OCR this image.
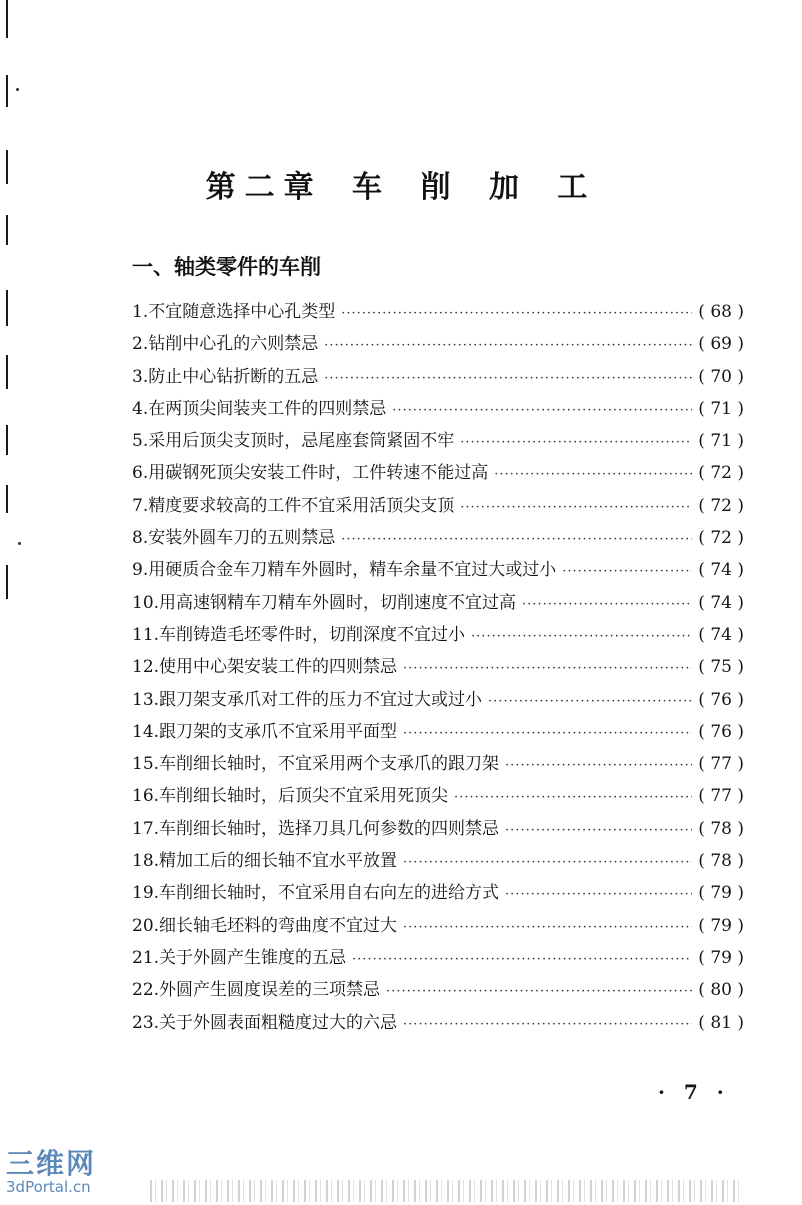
第二章 车 削 加 工
一、轴类零件的车削
1. 不宜随意选择中心孔类型 ·····	( 68 )
2. 钻削中心孔的六则禁忌 ·····	( 69 )
3. 防止中心钻折断的五忌 ·····	( 70 )
4. 在两顶尖间装夹工件的四则禁忌 ·····	( 71 )
5. 采用后顶尖支顶时，忌尾座套筒紧固不牢 ·····	( 71 )
6. 用碳钢死顶尖安装工件时，工件转速不能过高 ·····	( 72 )
7. 精度要求较高的工件不宜采用活顶尖支顶 ·····	( 72 )
8. 安装外圆车刀的五则禁忌 ·····	( 72 )
9. 用硬质合金车刀精车外圆时，精车余量不宜过大或过小 ·····	( 74 )
10. 用高速钢精车刀精车外圆时，切削速度不宜过高 ·····	( 74 )
11. 车削铸造毛坯零件时，切削深度不宜过小 ·····	( 74 )
12. 使用中心架安装工件的四则禁忌 ·····	( 75 )
13. 跟刀架支承爪对工件的压力不宜过大或过小 ·····	( 76 )
14. 跟刀架的支承爪不宜采用平面型 ·····	( 76 )
15. 车削细长轴时，不宜采用两个支承爪的跟刀架 ·····	( 77 )
16. 车削细长轴时，后顶尖不宜采用死顶尖 ·····	( 77 )
17. 车削细长轴时，选择刀具几何参数的四则禁忌 ·····	( 78 )
18. 精加工后的细长轴不宜水平放置 ·····	( 78 )
19. 车削细长轴时，不宜采用自右向左的进给方式 ·····	( 79 )
20. 细长轴毛坯料的弯曲度不宜过大 ·····	( 79 )
21. 关于外圆产生锥度的五忌 ·····	( 79 )
22. 外圆产生圆度误差的三项禁忌 ·····	( 80 )
23. 关于外圆表面粗糙度过大的六忌 ·····	( 81 )
· 7 ·
三维网
3dPortal.cn
